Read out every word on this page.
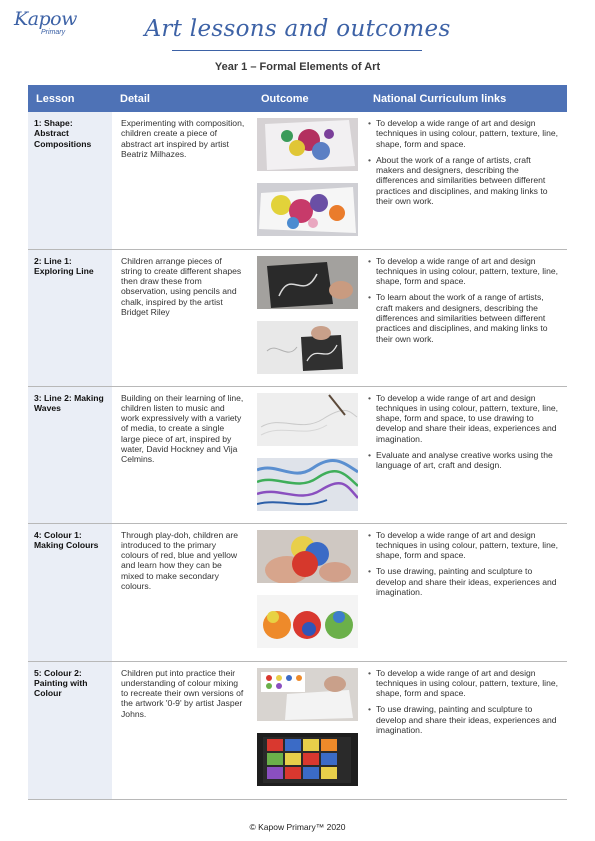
Kapow
Primary	Art lessons and outcomes
Year 1 – Formal Elements of Art
Lesson	Detail	Outcome	National Curriculum links
1: Shape: Abstract Compositions	Experimenting with composition, children create a piece of abstract art inspired by artist Beatriz Milhazes.		• To develop a wide range of art and design techniques in using colour, pattern, texture, line, shape, form and space.
• About the work of a range of artists, craft makers and designers, describing the differences and similarities between different practices and disciplines, and making links to their own work.

2: Line 1: Exploring Line	Children arrange pieces of string to create different shapes then draw these from observation, using pencils and chalk, inspired by the artist Bridget Riley		• To develop a wide range of art and design techniques in using colour, pattern, texture, line, shape, form and space.
• To learn about the work of a range of artists, craft makers and designers, describing the differences and similarities between different practices and disciplines, and making links to their own work.

3: Line 2: Making Waves	Building on their learning of line, children listen to music and work expressively with a variety of media, to create a single large piece of art, inspired by water, David Hockney and Vija Celmins.		• To develop a wide range of art and design techniques in using colour, pattern, texture, line, shape, form and space, to use drawing to develop and share their ideas, experiences and imagination.
• Evaluate and analyse creative works using the language of art, craft and design.

4: Colour 1: Making Colours	Through play-doh, children are introduced to the primary colours of red, blue and yellow and learn how they can be mixed to make secondary colours.		• To develop a wide range of art and design techniques in using colour, pattern, texture, line, shape, form and space.
• To use drawing, painting and sculpture to develop and share their ideas, experiences and imagination.

5: Colour 2: Painting with Colour	Children put into practice their understanding of colour mixing to recreate their own versions of the artwork '0-9' by artist Jasper Johns.		• To develop a wide range of art and design techniques in using colour, pattern, texture, line, shape, form and space.
• To use drawing, painting and sculpture to develop and share their ideas, experiences and imagination.
© Kapow Primary™ 2020
